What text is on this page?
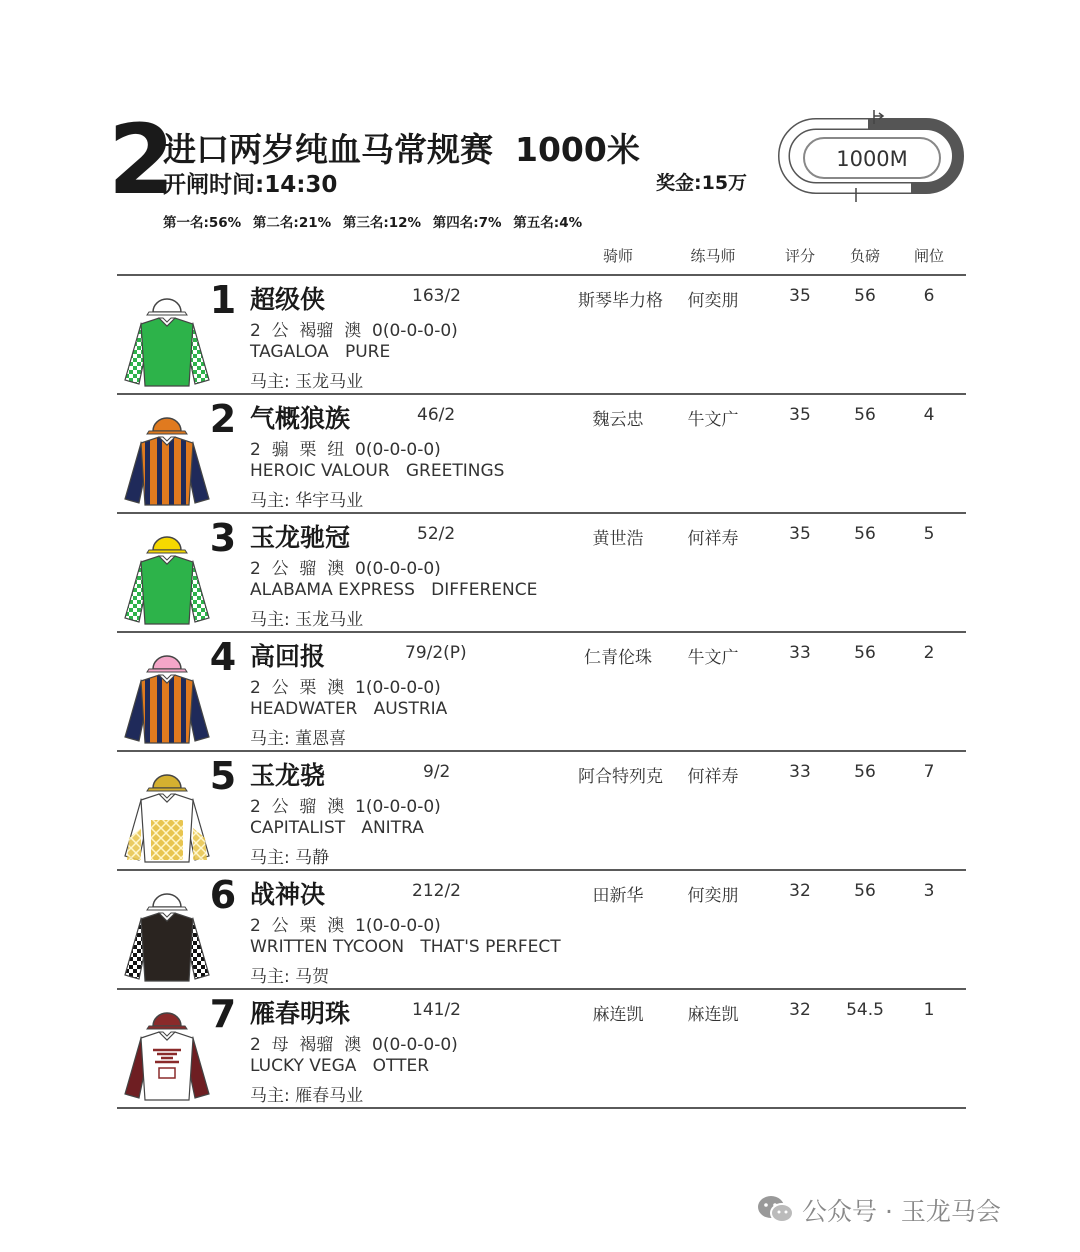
2
进口两岁纯血马常规赛 1000米
开闸时间:14:30	奖金:15万
第一名:56% 第二名:21% 第三名:12% 第四名:7% 第五名:4%
1000M
骑师	练马师	评分	负磅	闸位
1 超级侠	163/2
2  公  褐骝  澳  0(0-0-0-0)
TAGALOA   PURE
马主: 玉龙马业
斯琴毕力格	何奕朋	35	56	6
2 气概狼族	46/2
2  骟  栗  纽  0(0-0-0-0)
HEROIC VALOUR   GREETINGS
马主: 华宇马业
魏云忠	牛文广	35	56	4
3 玉龙驰冠	52/2
2  公  骝  澳  0(0-0-0-0)
ALABAMA EXPRESS   DIFFERENCE
马主: 玉龙马业
黄世浩	何祥寿	35	56	5
4 高回报	79/2(P)
2  公  栗  澳  1(0-0-0-0)
HEADWATER   AUSTRIA
马主: 董恩喜
仁青伦珠	牛文广	33	56	2
5 玉龙骁	9/2
2  公  骝  澳  1(0-0-0-0)
CAPITALIST   ANITRA
马主: 马静
阿合特列克	何祥寿	33	56	7
6 战神决	212/2
2  公  栗  澳  1(0-0-0-0)
WRITTEN TYCOON   THAT'S PERFECT
马主: 马贺
田新华	何奕朋	32	56	3
7 雁春明珠	141/2
2  母  褐骝  澳  0(0-0-0-0)
LUCKY VEGA   OTTER
马主: 雁春马业
麻连凯	麻连凯	32	54.5	1
公众号 · 玉龙马会
